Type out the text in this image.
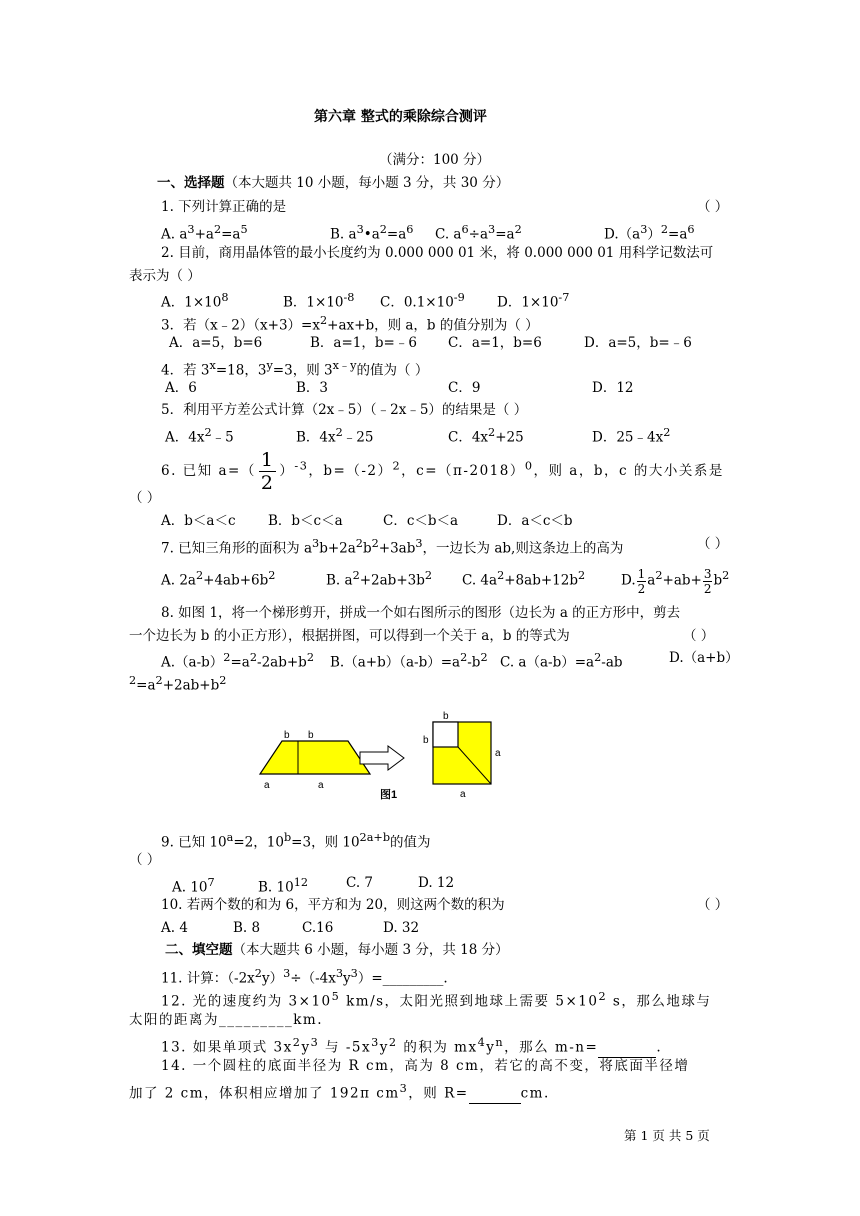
第六章 整式的乘除综合测评
（满分：100 分）
一、选择题（本大题共 10 小题，每小题 3 分，共 30 分）
1. 下列计算正确的是	（ ）
A. $a^3+a^2=a^5$	B. $a^3•a^2=a^6$ C. $a^6\div a^3=a^2$	$D.(a^3)^2=a^6$
2. 目前，商用晶体管的最小长度约为 0.000 000 01 米，将 0.000 000 01 用科学记数法可
表示为（ ）
A．$1\times 10^8$	B．$1\times 10^{-8}$ C．$0.1\times 10^{-9}$ D．$1\times 10^{-7}$
3．若$(x﹣2)(x+3)=x^2+ax+b$，则 a，b 的值分别为（ ）
A．a=5，b=6	B．a=1，b=﹣6 C．a=1，b=6	D．a=5，b=﹣6
4．若 $3^x=18$，$3^y=3$，则 $3^{x﹣y}$的值为（ ）
A．6	B．3	C．9	D．12
5．利用平方差公式计算（2x﹣5）（﹣2x﹣5）的结果是（ ）
A．$4x^2﹣5$	B．$4x^2﹣25$	C．$4x^2+25$	D．$25﹣4x^2$
6. 已知 $a=( \frac{1}{2} )^{-3}$，$b=(-2)^2$，$c=(\pi-2018)^0$，则 a，b，c 的大小关系是
（ ）
A．b＜a＜c B．b＜c＜a	C．c＜b＜a	D．a＜c＜b
7. 已知三角形的面积为 $a^3b+2a^2b^2+3ab^3$，一边长为 ab,则这条边上的高为	（ ）
A. $2a^2+4ab+6b^2$	B. $a^2+2ab+3b^2$ C. $4a^2+8ab+12b^2$	D. $\frac{1}{2} a^2+ab+ \frac{3}{2} b^2$
8. 如图 1，将一个梯形剪开，拼成一个如右图所示的图形（边长为 a 的正方形中，剪去
一个边长为 b 的小正方形），根据拼图，可以得到一个关于 a，b 的等式为	（ ）
$A.(a-b)^2=a^2-2ab+b^2$ $B.(a+b)(a-b)=a^2-b^2$ C. $a(a-b)=a^2-ab$	D.（a+b）
$^2=a^2+2ab+b^2$
b b
a	a
b
b
a
a
图1
9. 已知 $10^a=2$，$10^b=3$，则 $10^{2a+b}$的值为
（ ）
A. $10^7$	B. $10^{12}$	C. 7	D. 12
10. 若两个数的和为 6，平方和为 20，则这两个数的积为	（ ）
A. 4	B. 8	C.16	D. 32
二、填空题（本大题共 6 小题，每小题 3 分，共 18 分）
11. 计算：$(-2x^2y)^3\div(-4x^3y^3)=\_\_\_\_\_\_\_\_\_$.
12. 光的速度约为 $3\times 10^5$ km/s，太阳光照到地球上需要 $5\times 10^2$ s，那么地球与
太阳的距离为_________km.
13. 如果单项式 $3x^2y^3$ 与 $-5x^3y^2$ 的积为 $mx^4y^n$，那么 m-n=	.
14. 一个圆柱的底面半径为 R cm，高为 8 cm，若它的高不变，将底面半径增
加了 2 cm，体积相应增加了 192π $cm^3$，则 R=	cm.
第 1 页 共 5 页
